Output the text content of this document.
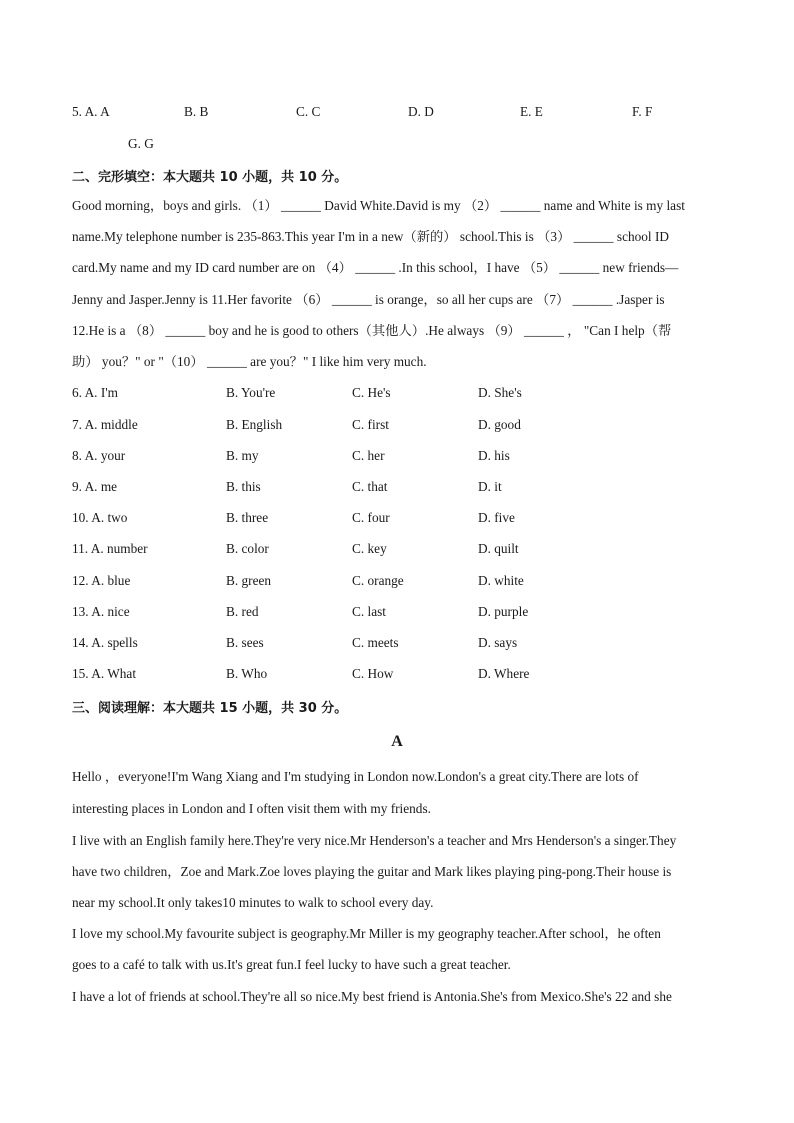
5. A. A	B. B	C. C	D. D	E. E	F. F
G. G
二、完形填空：本大题共 10 小题，共 10 分。
Good morning，boys and girls. （1） ______ David White.David is my （2） ______ name and White is my last
name.My telephone number is 235-863.This year I'm in a new（新的） school.This is （3） ______ school ID
card.My name and my ID card number are on （4） ______ .In this school，I have （5） ______ new friends—
Jenny and Jasper.Jenny is 11.Her favorite （6） ______ is orange，so all her cups are （7） ______ .Jasper is
12.He is a （8） ______ boy and he is good to others（其他人）.He always （9） ______ ， "Can I help（帮
助） you？" or "（10） ______ are you？" I like him very much.
6. A. I'm	B. You're	C. He's	D. She's
7. A. middle	B. English	C. first	D. good
8. A. your	B. my	C. her	D. his
9. A. me	B. this	C. that	D. it
10. A. two	B. three	C. four	D. five
11. A. number	B. color	C. key	D. quilt
12. A. blue	B. green	C. orange	D. white
13. A. nice	B. red	C. last	D. purple
14. A. spells	B. sees	C. meets	D. says
15. A. What	B. Who	C. How	D. Where
三、阅读理解：本大题共 15 小题，共 30 分。
A
Hello ，everyone!I'm Wang Xiang and I'm studying in London now.London's a great city.There are lots of
interesting places in London and I often visit them with my friends.
I live with an English family here.They're very nice.Mr Henderson's a teacher and Mrs Henderson's a singer.They
have two children，Zoe and Mark.Zoe loves playing the guitar and Mark likes playing ping-pong.Their house is
near my school.It only takes10 minutes to walk to school every day.
I love my school.My favourite subject is geography.Mr Miller is my geography teacher.After school，he often
goes to a café to talk with us.It's great fun.I feel lucky to have such a great teacher.
I have a lot of friends at school.They're all so nice.My best friend is Antonia.She's from Mexico.She's 22 and she
